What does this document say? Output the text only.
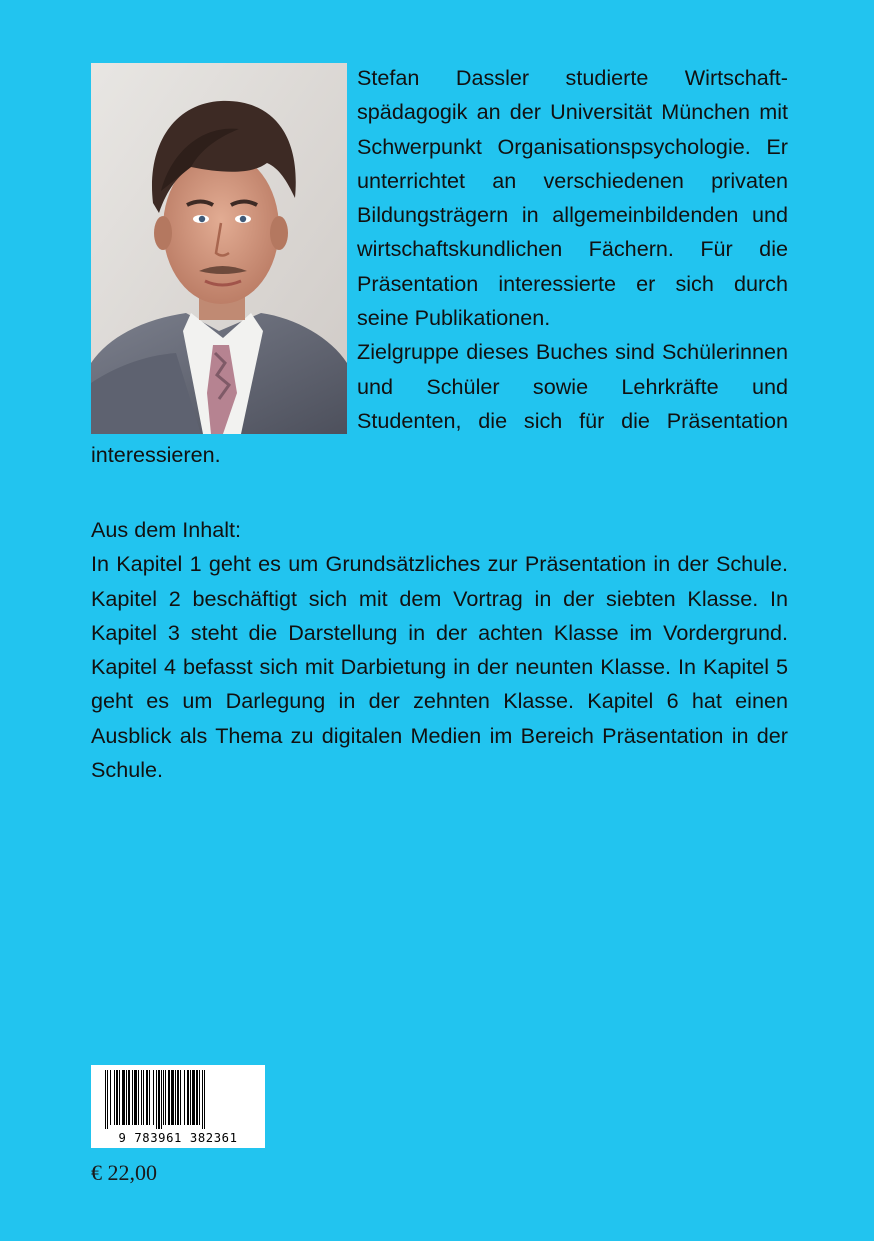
Stefan Dassler studierte Wirtschaftspädagogik an der Universität München mit Schwerpunkt Organisationspsychologie. Er unterrichtet an verschiedenen privaten Bildungsträgern in allgemeinbildenden und wirtschaftskundlichen Fächern. Für die Präsentation interessierte er sich durch seine Publikationen.

Zielgruppe dieses Buches sind Schülerinnen und Schüler sowie Lehrkräfte und Studenten, die sich für die Präsentation interessieren.

Aus dem Inhalt:

In Kapitel 1 geht es um Grundsätzliches zur Präsentation in der Schule. Kapitel 2 beschäftigt sich mit dem Vortrag in der siebten Klasse. In Kapitel 3 steht die Darstellung in der achten Klasse im Vordergrund. Kapitel 4 befasst sich mit Darbietung in der neunten Klasse. In Kapitel 5 geht es um Darlegung in der zehnten Klasse. Kapitel 6 hat einen Ausblick als Thema zu digitalen Medien im Bereich Präsentation in der Schule.

9 783961 382361
€ 22,00
